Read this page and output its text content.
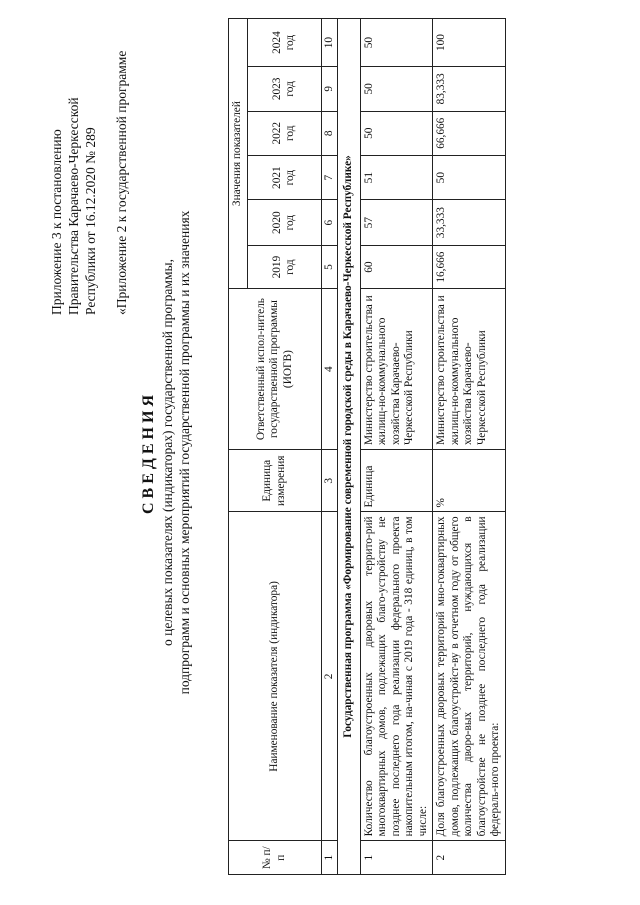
Приложение 3 к постановлению Правительства Карачаево-Черкесской Республики от 16.12.2020 № 289 «Приложение 2 к государственной программе
СВЕДЕНИЯ о целевых показателях (индикаторах) государственной программы, подпрограмм и основных мероприятий государственной программы и их значениях
№ п/п	Наименование показателя (индикатора)	Единица измерения	Ответственный испол-нитель государственной программы (ИОГВ)	Значения показателей					
				2019 год	2020 год	2021 год	2022 год	2023 год	2024 год
1	2	3	4	5	6	7	8	9	10
Государственная программа «Формирование современной городской среды в Карачаево-Черкесской Республике»									
1	Количество благоустроенных дворовых террито-рий многоквартирных домов, подлежащих благо-устройству не позднее последнего года реализации федерального проекта накопительным итогом, на-чиная с 2019 года - 318 единиц, в том числе:	Единица	Министерство строительства и жилищ-но-коммунального хозяйства Карачаево-Черкесской Республики	60	57	51	50	50	50
2	Доля благоустроенных дворовых территорий мно-гоквартирных домов, подлежащих благоустройст-ву в отчетном году от общего количества дворо-вых территорий, нуждающихся в благоустройстве не позднее последнего года реализации федераль-ного проекта:	%	Министерство строительства и жилищ-но-коммунального хозяйства Карачаево-Черкесской Республики	16,666	33,333	50	66,666	83,333	100
